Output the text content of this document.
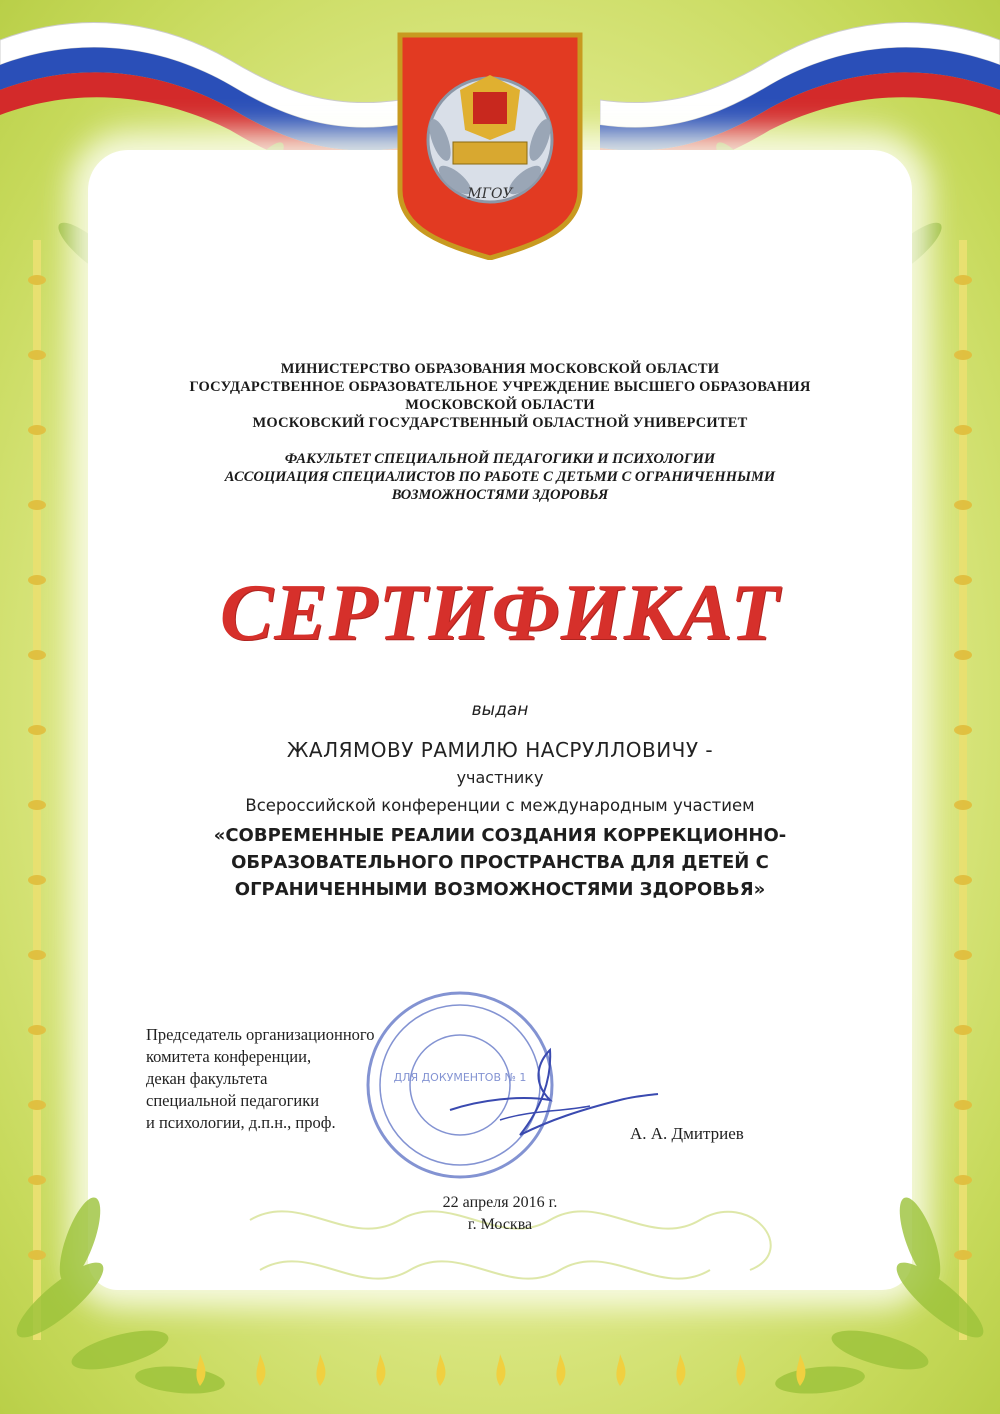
МГОУ
МИНИСТЕРСТВО ОБРАЗОВАНИЯ МОСКОВСКОЙ ОБЛАСТИ
ГОСУДАРСТВЕННОЕ ОБРАЗОВАТЕЛЬНОЕ УЧРЕЖДЕНИЕ ВЫСШЕГО ОБРАЗОВАНИЯ
МОСКОВСКОЙ ОБЛАСТИ
МОСКОВСКИЙ ГОСУДАРСТВЕННЫЙ ОБЛАСТНОЙ УНИВЕРСИТЕТ
ФАКУЛЬТЕТ СПЕЦИАЛЬНОЙ ПЕДАГОГИКИ И ПСИХОЛОГИИ
АССОЦИАЦИЯ СПЕЦИАЛИСТОВ ПО РАБОТЕ С ДЕТЬМИ С ОГРАНИЧЕННЫМИ
ВОЗМОЖНОСТЯМИ ЗДОРОВЬЯ
СЕРТИФИКАТ
выдан
ЖАЛЯМОВУ РАМИЛЮ НАСРУЛЛОВИЧУ -
участнику
Всероссийской конференции с международным участием
«СОВРЕМЕННЫЕ РЕАЛИИ СОЗДАНИЯ КОРРЕКЦИОННО-
ОБРАЗОВАТЕЛЬНОГО ПРОСТРАНСТВА ДЛЯ ДЕТЕЙ С
ОГРАНИЧЕННЫМИ ВОЗМОЖНОСТЯМИ ЗДОРОВЬЯ»
ДЛЯ ДОКУМЕНТОВ № 1
Председатель организационного
комитета конференции,
декан факультета
специальной педагогики
и психологии, д.п.н., проф.
А. А. Дмитриев
22 апреля 2016 г.
г. Москва
